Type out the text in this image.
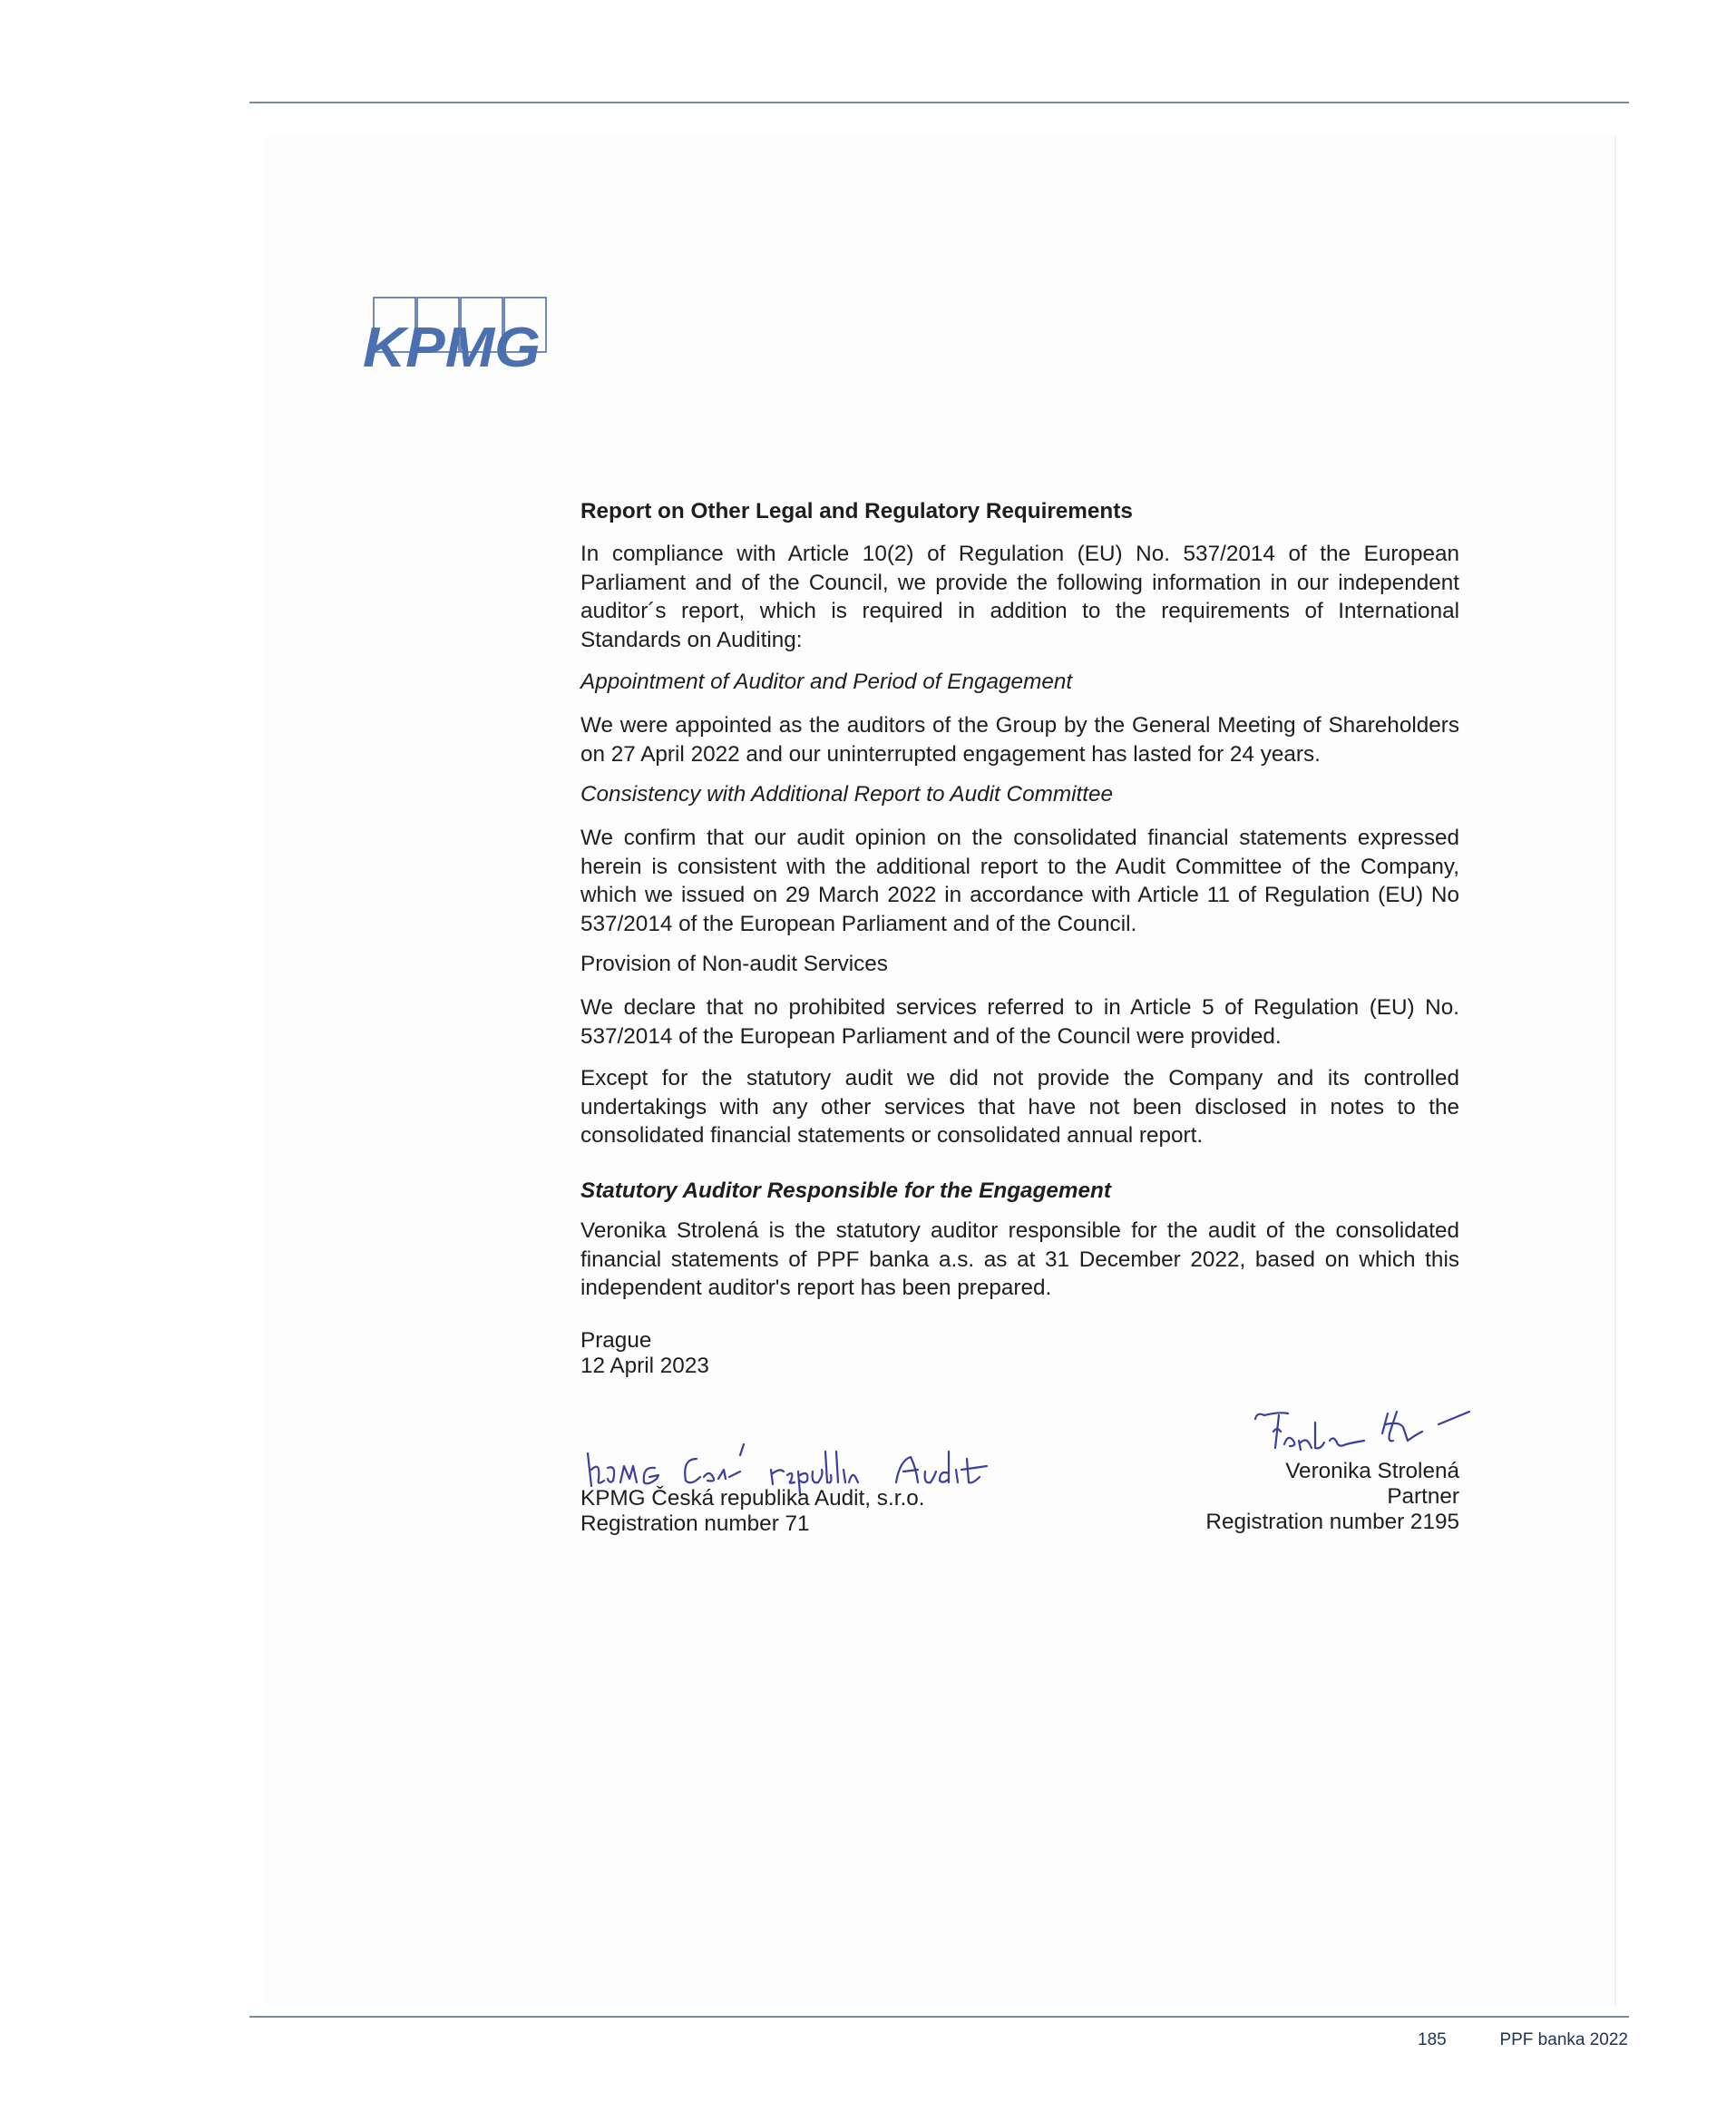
KPMG
Report on Other Legal and Regulatory Requirements
In compliance with Article 10(2) of Regulation (EU) No. 537/2014 of the European
Parliament and of the Council, we provide the following information in our independent
auditor´s report, which is required in addition to the requirements of International
Standards on Auditing:
Appointment of Auditor and Period of Engagement
We were appointed as the auditors of the Group by the General Meeting of Shareholders
on 27 April 2022 and our uninterrupted engagement has lasted for 24 years.
Consistency with Additional Report to Audit Committee
We confirm that our audit opinion on the consolidated financial statements expressed
herein is consistent with the additional report to the Audit Committee of the Company,
which we issued on 29 March 2022 in accordance with Article 11 of Regulation (EU) No
537/2014 of the European Parliament and of the Council.
Provision of Non-audit Services
We declare that no prohibited services referred to in Article 5 of Regulation (EU) No.
537/2014 of the European Parliament and of the Council were provided.
Except for the statutory audit we did not provide the Company and its controlled
undertakings with any other services that have not been disclosed in notes to the
consolidated financial statements or consolidated annual report.
Statutory Auditor Responsible for the Engagement
Veronika Strolená is the statutory auditor responsible for the audit of the consolidated
financial statements of PPF banka a.s. as at 31 December 2022, based on which this
independent auditor's report has been prepared.
Prague
12 April 2023
KPMG Česká republika Audit, s.r.o.
Registration number 71
Veronika Strolená
Partner
Registration number 2195
185	PPF banka 2022
